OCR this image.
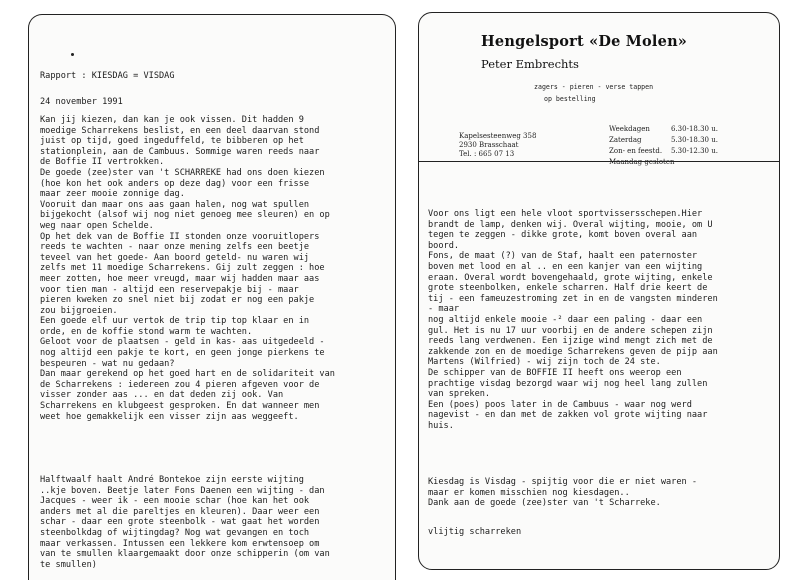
Rapport : KIESDAG = VISDAG
24 november 1991
Kan jij kiezen, dan kan je ook vissen. Dit hadden 9
moedige Scharrekens beslist, en een deel daarvan stond
juist op tijd, goed ingeduffeld, te bibberen op het
stationplein, aan de Cambuus. Sommige waren reeds naar
de Boffie II vertrokken.
De goede (zee)ster van 't SCHARREKE had ons doen kiezen
(hoe kon het ook anders op deze dag) voor een frisse
maar zeer mooie zonnige dag.
Vooruit dan maar ons aas gaan halen, nog wat spullen
bijgekocht (alsof wij nog niet genoeg mee sleuren) en op
weg naar open Schelde.
Op het dek van de Boffie II stonden onze vooruitlopers
reeds te wachten - naar onze mening zelfs een beetje
teveel van het goede- Aan boord geteld- nu waren wij
zelfs met 11 moedige Scharrekens. Gij zult zeggen : hoe
meer zotten, hoe meer vreugd, maar wij hadden maar aas
voor tien man - altijd een reservepakje bij - maar
pieren kweken zo snel niet bij zodat er nog een pakje
zou bijgroeien.
Een goede elf uur vertok de trip tip top klaar en in
orde, en de koffie stond warm te wachten.
Geloot voor de plaatsen - geld in kas- aas uitgedeeld -
nog altijd een pakje te kort, en geen jonge pierkens te
bespeuren - wat nu gedaan?
Dan maar gerekend op het goed hart en de solidariteit van
de Scharrekens : iedereen zou 4 pieren afgeven voor de
visser zonder aas ... en dat deden zij ook. Van
Scharrekens en klubgeest gesproken. En dat wanneer men
weet hoe gemakkelijk een visser zijn aas weggeeft.
Halftwaalf haalt André Bontekoe zijn eerste wijting
..kje boven. Beetje later Fons Daenen een wijting - dan
Jacques - weer ik - een mooie schar (hoe kan het ook
anders met al die pareltjes en kleuren). Daar weer een
schar - daar een grote steenbolk - wat gaat het worden
steenbolkdag of wijtingdag? Nog wat gevangen en toch
maar verkassen. Intussen een lekkere kom erwtensoep om
van te smullen klaargemaakt door onze schipperin (om van
te smullen)
Hengelsport «De Molen»
Peter Embrechts
zagers - pieren - verse tappen
op bestelling
Kapelsesteenweg 358
2930 Brasschaat
Tel. : 665 07 13
Weekdagen	6.30-18.30 u.
Zaterdag	5.30-18.30 u.
Zon- en feestd.	5.30-12.30 u.
Maandag gesloten	
Voor ons ligt een hele vloot sportvissersschepen.Hier
brandt de lamp, denken wij. Overal wijting, mooie, om U
tegen te zeggen - dikke grote, komt boven overal aan
boord.
Fons, de maat (?) van de Staf, haalt een paternoster
boven met lood en al .. en een kanjer van een wijting
eraan. Overal wordt bovengehaald, grote wijting, enkele
grote steenbolken, enkele scharren. Half drie keert de
tij - een fameuzestroming zet in en de vangsten minderen
- maar
nog altijd enkele mooie -² daar een paling - daar een
gul. Het is nu 17 uur voorbij en de andere schepen zijn
reeds lang verdwenen. Een ijzige wind mengt zich met de
zakkende zon en de moedige Scharrekens geven de pijp aan
Martens (Wilfried) - wij zijn toch de 24 ste.
De schipper van de BOFFIE II heeft ons weerop een
prachtige visdag bezorgd waar wij nog heel lang zullen
van spreken.
Een (poes) poos later in de Cambuus - waar nog werd
nagevist - en dan met de zakken vol grote wijting naar
huis.
Kiesdag is Visdag - spijtig voor die er niet waren -
maar er komen misschien nog kiesdagen..
Dank aan de goede (zee)ster van 't Scharreke.
vlijtig scharreken
